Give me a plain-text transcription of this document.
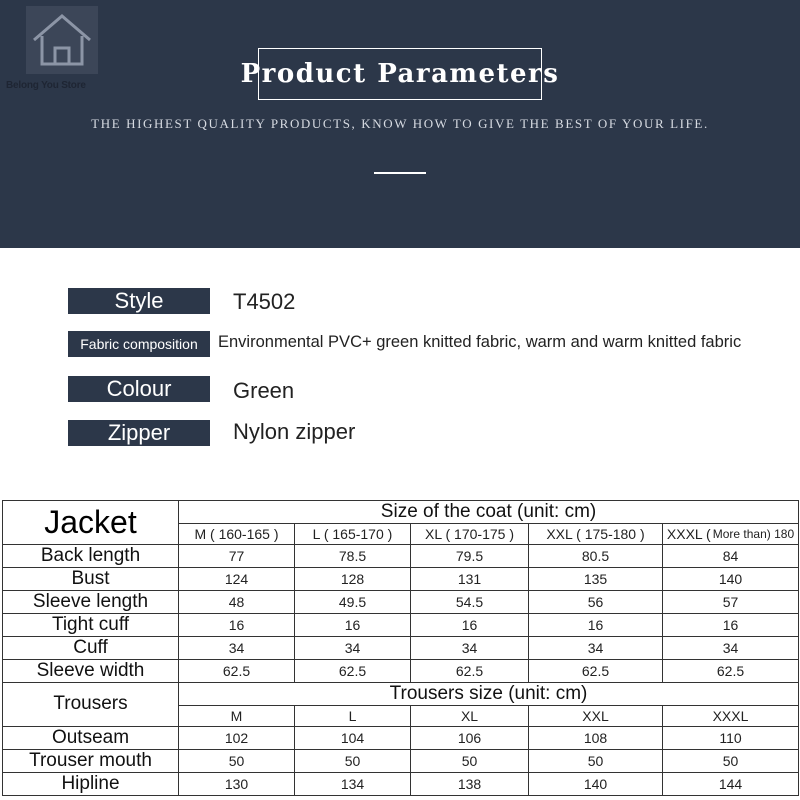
Belong You Store	Product Parameters
THE HIGHEST QUALITY PRODUCTS, KNOW HOW TO GIVE THE BEST OF YOUR LIFE.
Style	T4502
Fabric composition	Environmental PVC+ green knitted fabric, warm and warm knitted fabric
Colour	Green
Zipper	Nylon zipper
Jacket	Size of the coat (unit: cm)				
	M ( 160-165 )	L ( 165-170 )	XL ( 170-175 )	XXL ( 175-180 )	XXXL ( More than) 180

Back length	77	78.5	79.5	80.5	84
Bust	124	128	131	135	140
Sleeve length	48	49.5	54.5	56	57
Tight cuff	16	16	16	16	16
Cuff	34	34	34	34	34
Sleeve width	62.5	62.5	62.5	62.5	62.5
Trousers	Trousers size (unit: cm)				
	M	L	XL	XXL	XXXL
Outseam	102	104	106	108	110
Trouser mouth	50	50	50	50	50
Hipline	130	134	138	140	144
